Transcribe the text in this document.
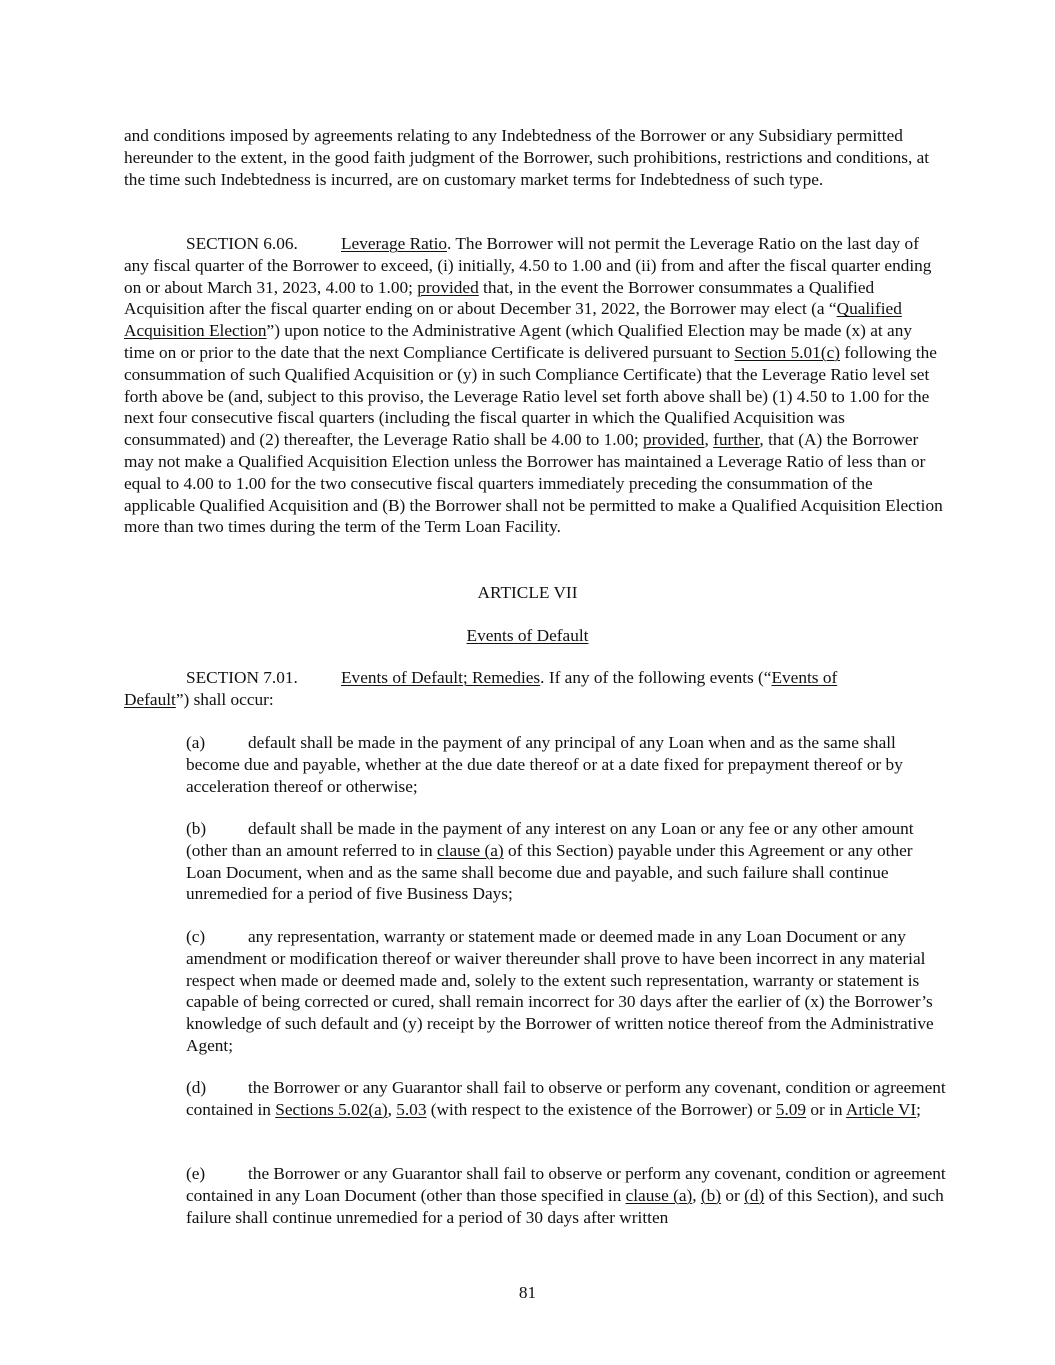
and conditions imposed by agreements relating to any Indebtedness of the Borrower or any Subsidiary permitted hereunder to the extent, in the good faith judgment of the Borrower, such prohibitions, restrictions and conditions, at the time such Indebtedness is incurred, are on customary market terms for Indebtedness of such type.

SECTION 6.06. Leverage Ratio. The Borrower will not permit the Leverage Ratio on the last day of any fiscal quarter of the Borrower to exceed, (i) initially, 4.50 to 1.00 and (ii) from and after the fiscal quarter ending on or about March 31, 2023, 4.00 to 1.00; provided that, in the event the Borrower consummates a Qualified Acquisition after the fiscal quarter ending on or about December 31, 2022, the Borrower may elect (a “Qualified Acquisition Election”) upon notice to the Administrative Agent (which Qualified Election may be made (x) at any time on or prior to the date that the next Compliance Certificate is delivered pursuant to Section 5.01(c) following the consummation of such Qualified Acquisition or (y) in such Compliance Certificate) that the Leverage Ratio level set forth above be (and, subject to this proviso, the Leverage Ratio level set forth above shall be) (1) 4.50 to 1.00 for the next four consecutive fiscal quarters (including the fiscal quarter in which the Qualified Acquisition was consummated) and (2) thereafter, the Leverage Ratio shall be 4.00 to 1.00; provided, further, that (A) the Borrower may not make a Qualified Acquisition Election unless the Borrower has maintained a Leverage Ratio of less than or equal to 4.00 to 1.00 for the two consecutive fiscal quarters immediately preceding the consummation of the applicable Qualified Acquisition and (B) the Borrower shall not be permitted to make a Qualified Acquisition Election more than two times during the term of the Term Loan Facility.

ARTICLE VII

Events of Default

SECTION 7.01. Events of Default; Remedies. If any of the following events (“Events of
Default”) shall occur:

(a) default shall be made in the payment of any principal of any Loan when and as the same shall become due and payable, whether at the due date thereof or at a date fixed for prepayment thereof or by acceleration thereof or otherwise;

(b) default shall be made in the payment of any interest on any Loan or any fee or any other amount (other than an amount referred to in clause (a) of this Section) payable under this Agreement or any other Loan Document, when and as the same shall become due and payable, and such failure shall continue unremedied for a period of five Business Days;

(c) any representation, warranty or statement made or deemed made in any Loan Document or any amendment or modification thereof or waiver thereunder shall prove to have been incorrect in any material respect when made or deemed made and, solely to the extent such representation, warranty or statement is capable of being corrected or cured, shall remain incorrect for 30 days after the earlier of (x) the Borrower’s knowledge of such default and (y) receipt by the Borrower of written notice thereof from the Administrative Agent;

(d) the Borrower or any Guarantor shall fail to observe or perform any covenant, condition or agreement contained in Sections 5.02(a), 5.03 (with respect to the existence of the Borrower) or 5.09 or in Article VI;

(e) the Borrower or any Guarantor shall fail to observe or perform any covenant, condition or agreement contained in any Loan Document (other than those specified in clause (a), (b) or (d) of this Section), and such failure shall continue unremedied for a period of 30 days after written

81
